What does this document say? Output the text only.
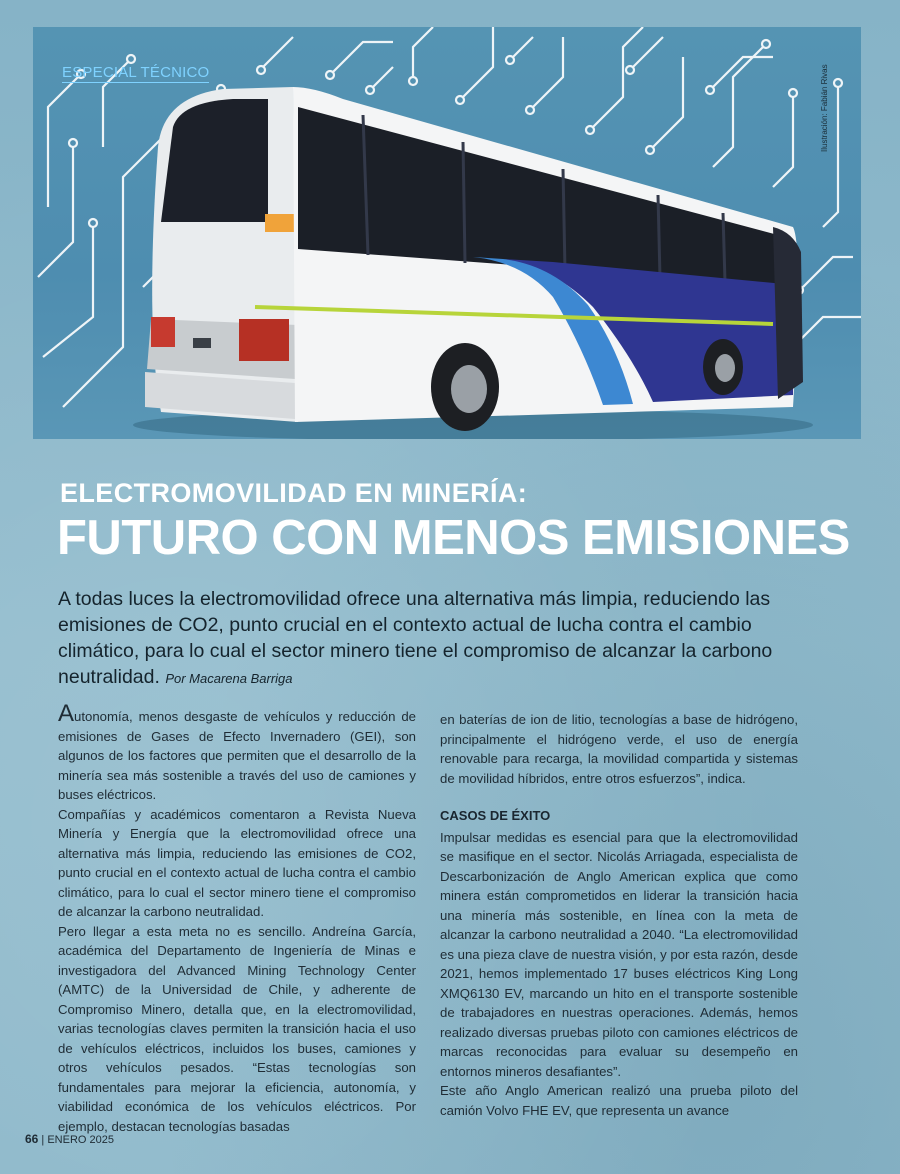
ESPECIAL TÉCNICO	Ilustración: Fabián Rivas
ELECTROMOVILIDAD EN MINERÍA:
FUTURO CON MENOS EMISIONES

A todas luces la electromovilidad ofrece una alternativa más limpia, reduciendo las emisiones de CO2, punto crucial en el contexto actual de lucha contra el cambio climático, para lo cual el sector minero tiene el compromiso de alcanzar la carbono neutralidad. Por Macarena Barriga

Autonomía, menos desgaste de vehículos y reducción de emisiones de Gases de Efecto Invernadero (GEI), son algunos de los factores que permiten que el desarrollo de la minería sea más sostenible a través del uso de camiones y buses eléctricos.

Compañías y académicos comentaron a Revista Nueva Minería y Energía que la electromovilidad ofrece una alternativa más limpia, reduciendo las emisiones de CO2, punto crucial en el contexto actual de lucha contra el cambio climático, para lo cual el sector minero tiene el compromiso de alcanzar la carbono neutralidad.

Pero llegar a esta meta no es sencillo. Andreína García, académica del Departamento de Ingeniería de Minas e investigadora del Advanced Mining Technology Center (AMTC) de la Universidad de Chile, y adherente de Compromiso Minero, detalla que, en la electromovilidad, varias tecnologías claves permiten la transición hacia el uso de vehículos eléctricos, incluidos los buses, camiones y otros vehículos pesados. “Estas tecnologías son fundamentales para mejorar la eficiencia, autonomía, y viabilidad económica de los vehículos eléctricos. Por ejemplo, destacan tecnologías basadas

en baterías de ion de litio, tecnologías a base de hidrógeno, principalmente el hidrógeno verde, el uso de energía renovable para recarga, la movilidad compartida y sistemas de movilidad híbridos, entre otros esfuerzos”, indica.

CASOS DE ÉXITO

Impulsar medidas es esencial para que la electromovilidad se masifique en el sector. Nicolás Arriagada, especialista de Descarbonización de Anglo American explica que como minera están comprometidos en liderar la transición hacia una minería más sostenible, en línea con la meta de alcanzar la carbono neutralidad a 2040. “La electromovilidad es una pieza clave de nuestra visión, y por esta razón, desde 2021, hemos implementado 17 buses eléctricos King Long XMQ6130 EV, marcando un hito en el transporte sostenible de trabajadores en nuestras operaciones. Además, hemos realizado diversas pruebas piloto con camiones eléctricos de marcas reconocidas para evaluar su desempeño en entornos mineros desafiantes”.

Este año Anglo American realizó una prueba piloto del camión Volvo FHE EV, que representa un avance

66 | ENERO 2025
